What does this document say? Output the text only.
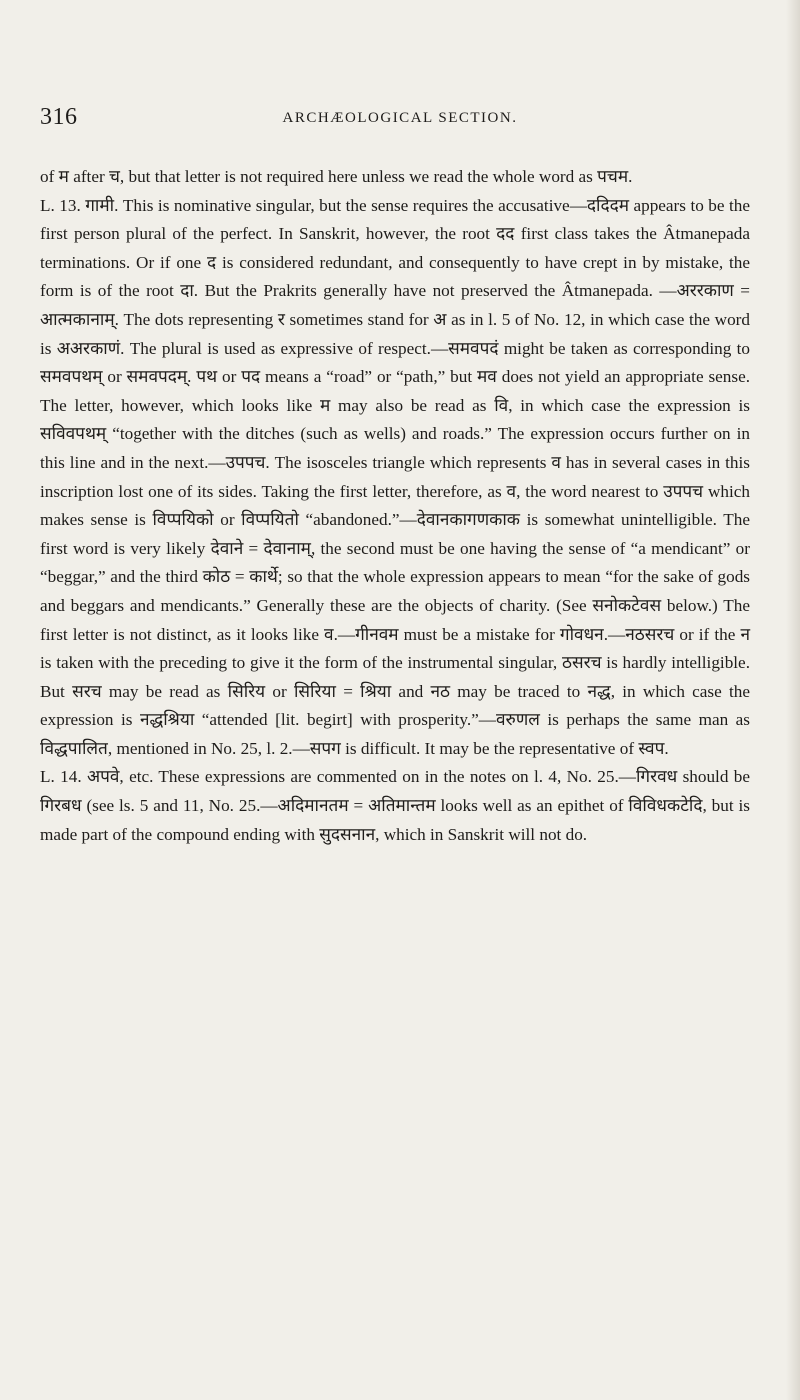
316	ARCHÆOLOGICAL SECTION.

of म after च, but that letter is not required here unless we read the whole word as पचम.

L. 13. गामी. This is nominative singular, but the sense requires the accusative—ददिदम appears to be the first person plural of the perfect. In Sanskrit, however, the root दद first class takes the Âtmanepada terminations. Or if one द is considered redundant, and consequently to have crept in by mistake, the form is of the root दा. But the Prakrits generally have not preserved the Âtmanepada. —अररकाण = आत्मकानाम्. The dots representing र sometimes stand for अ as in l. 5 of No. 12, in which case the word is अअरकाणं. The plural is used as expressive of respect.—समवपदं might be taken as corresponding to समवपथम् or समवपदम्. पथ or पद means a “road” or “path,” but मव does not yield an appropriate sense. The letter, however, which looks like म may also be read as वि, in which case the expression is सविवपथम् “together with the ditches (such as wells) and roads.” The expression occurs further on in this line and in the next.—उपपच. The isosceles triangle which represents व has in several cases in this inscription lost one of its sides. Taking the first letter, therefore, as व, the word nearest to उपपच which makes sense is विप्पयिको or विप्पयितो “abandoned.”—देवानकागणकाक is somewhat unintelligible. The first word is very likely देवाने = देवानाम्, the second must be one having the sense of “a mendicant” or “beggar,” and the third कोठ = कार्थे; so that the whole expression appears to mean “for the sake of gods and beggars and mendicants.” Generally these are the objects of charity. (See सनोकटेवस below.) The first letter is not distinct, as it looks like व.—गीनवम must be a mistake for गोवधन.—नठसरच or if the न is taken with the preceding to give it the form of the instrumental singular, ठसरच is hardly intelligible. But सरच may be read as सिरिय or सिरिया = श्रिया and नठ may be traced to नद्ध, in which case the expression is नद्धश्रिया “attended [lit. begirt] with prosperity.”—वरुणल is perhaps the same man as विद्धपालित, mentioned in No. 25, l. 2.—सपग is difficult. It may be the representative of स्वप.

L. 14. अपवे, etc. These expressions are commented on in the notes on l. 4, No. 25.—गिरवध should be गिरबध (see ls. 5 and 11, No. 25.—अदिमानतम = अतिमान्तम looks well as an epithet of विविधकटेदि, but is made part of the compound ending with सुदसनान, which in Sanskrit will not do.
